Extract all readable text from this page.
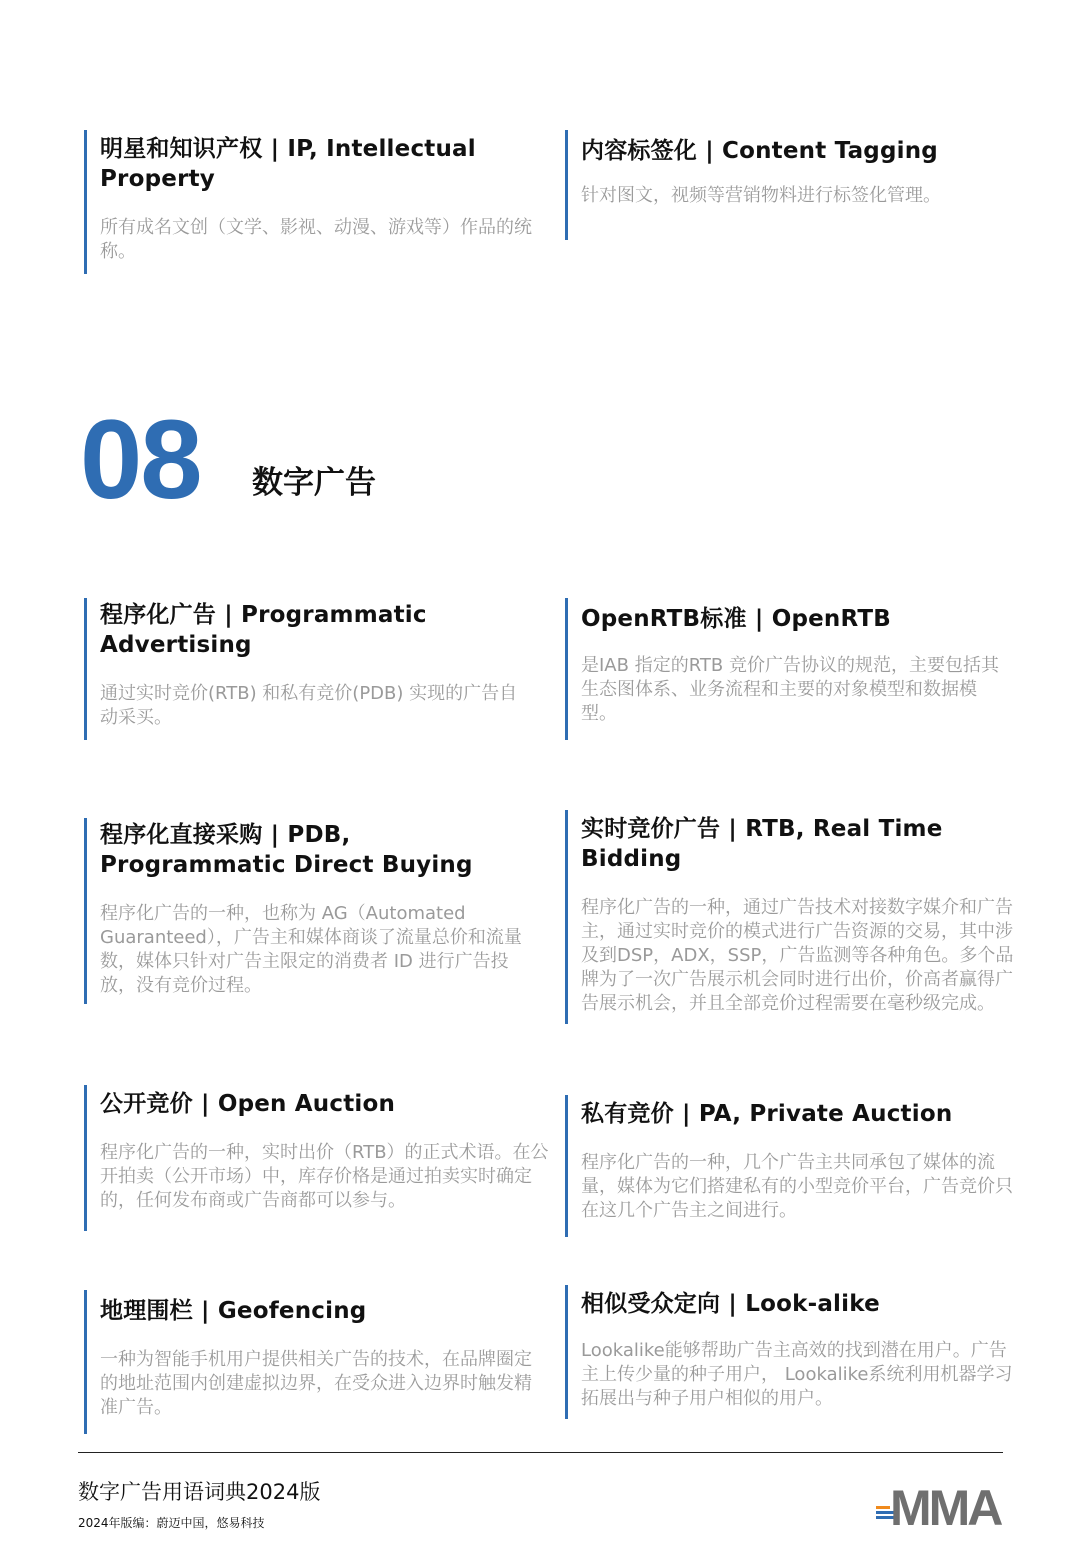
明星和知识产权 | IP, Intellectual Property

所有成名文创（文学、影视、动漫、游戏等）作品的统称。

内容标签化 | Content Tagging

针对图文，视频等营销物料进行标签化管理。

08 数字广告

程序化广告 | Programmatic Advertising

通过实时竞价(RTB) 和私有竞价(PDB) 实现的广告自动采买。

OpenRTB标准 | OpenRTB

是IAB 指定的RTB 竞价广告协议的规范，主要包括其生态图体系、业务流程和主要的对象模型和数据模型。

程序化直接采购 | PDB, Programmatic Direct Buying

程序化广告的一种，也称为 AG（Automated Guaranteed），广告主和媒体商谈了流量总价和流量数，媒体只针对广告主限定的消费者 ID 进行广告投放，没有竞价过程。

实时竞价广告 | RTB, Real Time Bidding

程序化广告的一种，通过广告技术对接数字媒介和广告主，通过实时竞价的模式进行广告资源的交易，其中涉及到DSP，ADX，SSP，广告监测等各种角色。多个品牌为了一次广告展示机会同时进行出价，价高者赢得广告展示机会，并且全部竞价过程需要在毫秒级完成。

公开竞价 | Open Auction

程序化广告的一种，实时出价（RTB）的正式术语。在公开拍卖（公开市场）中，库存价格是通过拍卖实时确定的，任何发布商或广告商都可以参与。

私有竞价 | PA, Private Auction

程序化广告的一种，几个广告主共同承包了媒体的流量，媒体为它们搭建私有的小型竞价平台，广告竞价只在这几个广告主之间进行。

地理围栏 | Geofencing

一种为智能手机用户提供相关广告的技术，在品牌圈定的地址范围内创建虚拟边界，在受众进入边界时触发精准广告。

相似受众定向 | Look-alike

Lookalike能够帮助广告主高效的找到潜在用户。广告主上传少量的种子用户， Lookalike系统利用机器学习拓展出与种子用户相似的用户。

数字广告用语词典2024版
2024年版编：蔚迈中国，悠易科技	MMA
